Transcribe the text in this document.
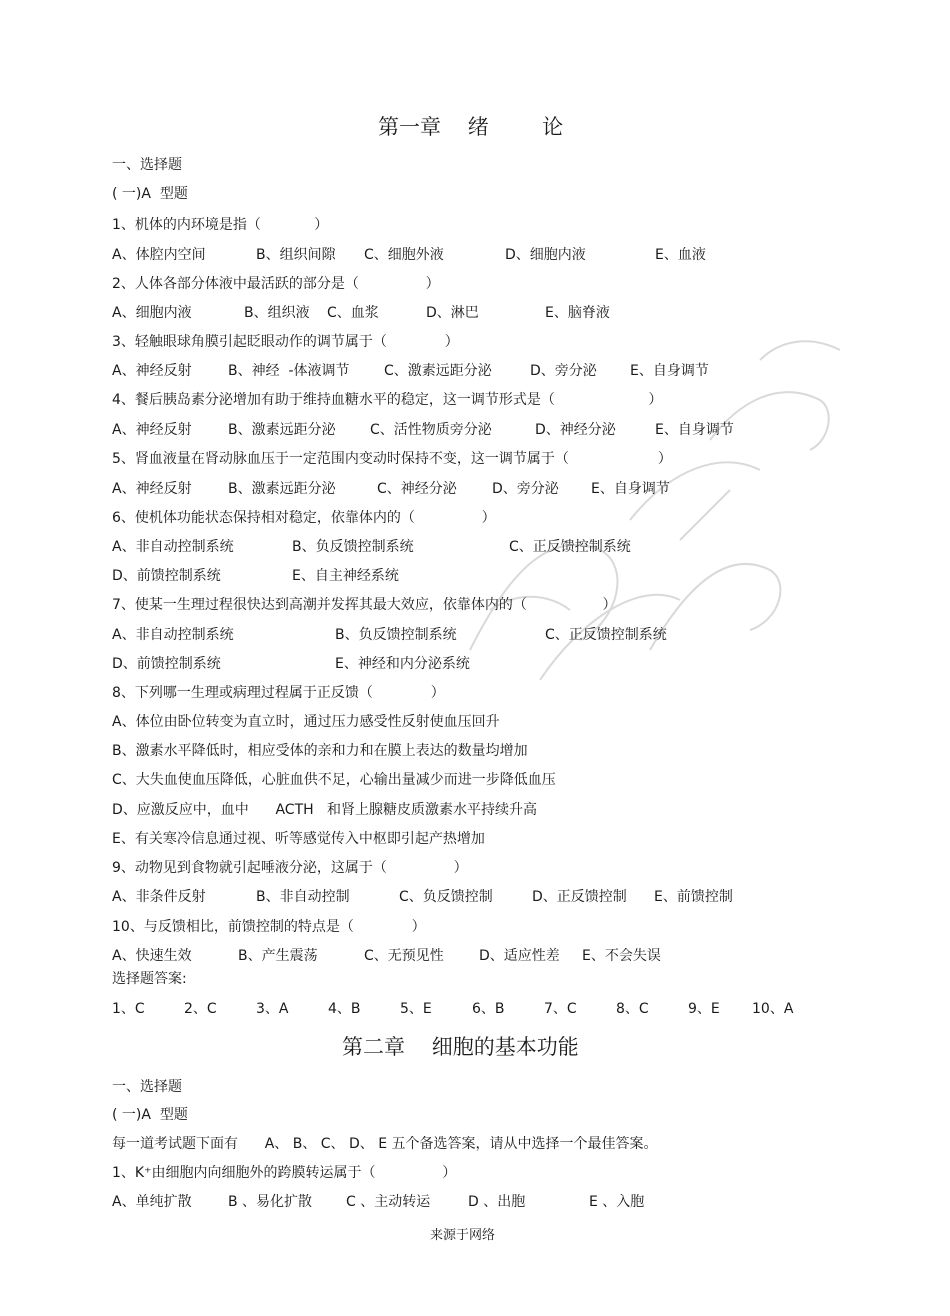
第一章    绪        论
一、选择题
( 一)A  型题
1、机体的内环境是指（            ）
A、体腔内空间	B、组织间隙 C、细胞外液	D、细胞内液	E、血液
2、人体各部分体液中最活跃的部分是（               ）
A、细胞内液	B、组织液 C、血浆	D、淋巴	E、脑脊液
3、轻触眼球角膜引起眨眼动作的调节属于（             ）
A、神经反射	B、神经  -体液调节 C、激素远距分泌	D、旁分泌 E、自身调节
4、餐后胰岛素分泌增加有助于维持血糖水平的稳定，这一调节形式是（                     ）
A、神经反射	B、激素远距分泌 C、活性物质旁分泌	D、神经分泌	E、自身调节
5、肾血液量在肾动脉血压于一定范围内变动时保持不变，这一调节属于（                    ）
A、神经反射	B、激素远距分泌	C、神经分泌	D、旁分泌 E、自身调节
6、使机体功能状态保持相对稳定，依靠体内的（               ）
A、非自动控制系统	B、负反馈控制系统	C、正反馈控制系统
D、前馈控制系统	E、自主神经系统
7、使某一生理过程很快达到高潮并发挥其最大效应，依靠体内的（                 ）
A、非自动控制系统	B、负反馈控制系统	C、正反馈控制系统
D、前馈控制系统	E、神经和内分泌系统
8、下列哪一生理或病理过程属于正反馈（             ）
A、体位由卧位转变为直立时，通过压力感受性反射使血压回升
B、激素水平降低时，相应受体的亲和力和在膜上表达的数量均增加
C、大失血使血压降低，心脏血供不足，心输出量减少而进一步降低血压
D、应激反应中，血中      ACTH   和肾上腺糖皮质激素水平持续升高
E、有关寒冷信息通过视、听等感觉传入中枢即引起产热增加
9、动物见到食物就引起唾液分泌，这属于（               ）
A、非条件反射	B、非自动控制	C、负反馈控制	D、正反馈控制 E、前馈控制
10、与反馈相比，前馈控制的特点是（             ）
A、快速生效	B、产生震荡	C、无预见性	D、适应性差 E、不会失误
选择题答案:
1、C	2、C	3、A	4、B	5、E	6、B	7、C	8、C	9、E 10、A
第二章    细胞的基本功能
一、选择题
( 一)A  型题
每一道考试题下面有      A、 B、 C、 D、 E 五个备选答案，请从中选择一个最佳答案。
1、K⁺由细胞内向细胞外的跨膜转运属于（               ）
A、单纯扩散	B 、易化扩散 C 、主动转运	D 、出胞	E 、入胞
来源于网络
